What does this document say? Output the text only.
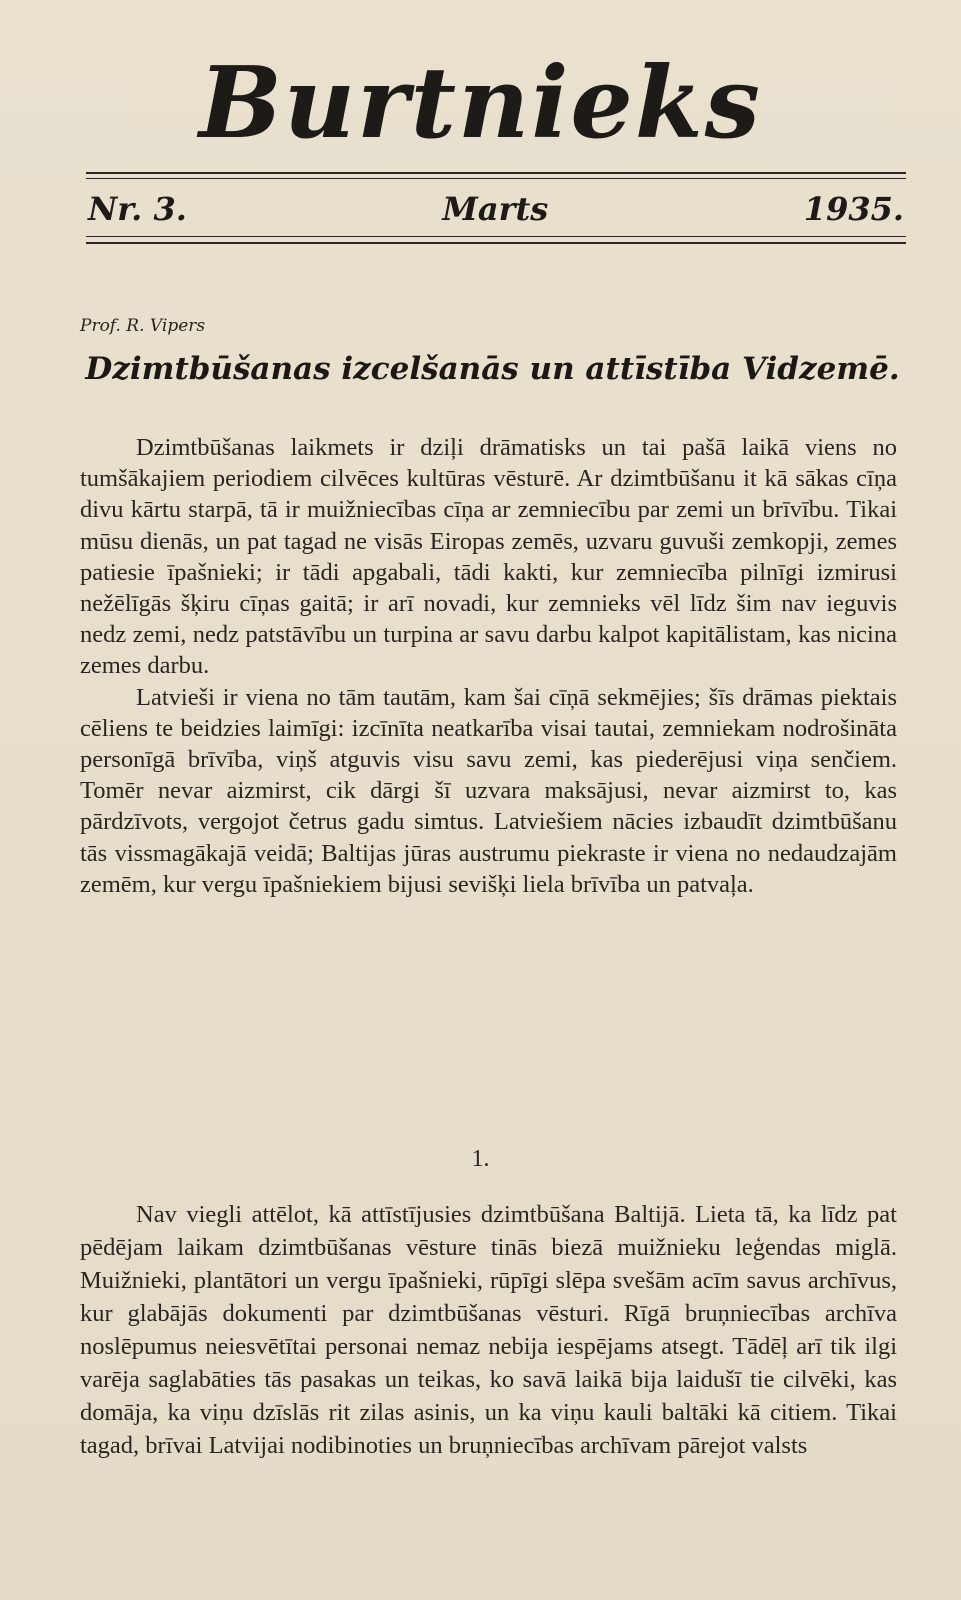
Burtnieks
Nr. 3.	Marts	1935.
Prof. R. Vipers
Dzimtbūšanas izcelšanās un attīstība Vidzemē.

Dzimtbūšanas laikmets ir dziļi drāmatisks un tai pašā laikā viens no tumšākajiem periodiem cilvēces kultūras vēsturē. Ar dzimtbūšanu it kā sākas cīņa divu kārtu starpā, tā ir muižniecības cīņa ar zemniecību par zemi un brīvību. Tikai mūsu dienās, un pat tagad ne visās Eiropas zemēs, uzvaru guvuši zemkopji, zemes patiesie īpašnieki; ir tādi apgabali, tādi kakti, kur zemniecība pilnīgi izmirusi nežēlīgās šķiru cīņas gaitā; ir arī novadi, kur zemnieks vēl līdz šim nav ieguvis nedz zemi, nedz patstāvību un turpina ar savu darbu kalpot kapitālistam, kas nicina zemes darbu.

Latvieši ir viena no tām tautām, kam šai cīņā sekmējies; šīs drāmas piektais cēliens te beidzies laimīgi: izcīnīta neatkarība visai tautai, zemniekam nodrošināta personīgā brīvība, viņš atguvis visu savu zemi, kas piederējusi viņa senčiem. Tomēr nevar aizmirst, cik dārgi šī uzvara maksājusi, nevar aizmirst to, kas pārdzīvots, vergojot četrus gadu simtus. Latviešiem nācies izbaudīt dzimtbūšanu tās vissmagākajā veidā; Baltijas jūras austrumu piekraste ir viena no nedaudzajām zemēm, kur vergu īpašniekiem bijusi sevišķi liela brīvība un patvaļa.

1.

Nav viegli attēlot, kā attīstījusies dzimtbūšana Baltijā. Lieta tā, ka līdz pat pēdējam laikam dzimtbūšanas vēsture tinās biezā muižnieku leģendas miglā. Muižnieki, plantātori un vergu īpašnieki, rūpīgi slēpa svešām acīm savus archīvus, kur glabājās dokumenti par dzimtbūšanas vēsturi. Rīgā bruņniecības archīva noslēpumus neiesvētītai personai nemaz nebija iespējams atsegt. Tādēļ arī tik ilgi varēja saglabāties tās pasakas un teikas, ko savā laikā bija laidušī tie cilvēki, kas domāja, ka viņu dzīslās rit zilas asinis, un ka viņu kauli baltāki kā citiem. Tikai tagad, brīvai Latvijai nodibinoties un bruņniecības archīvam pārejot valsts
